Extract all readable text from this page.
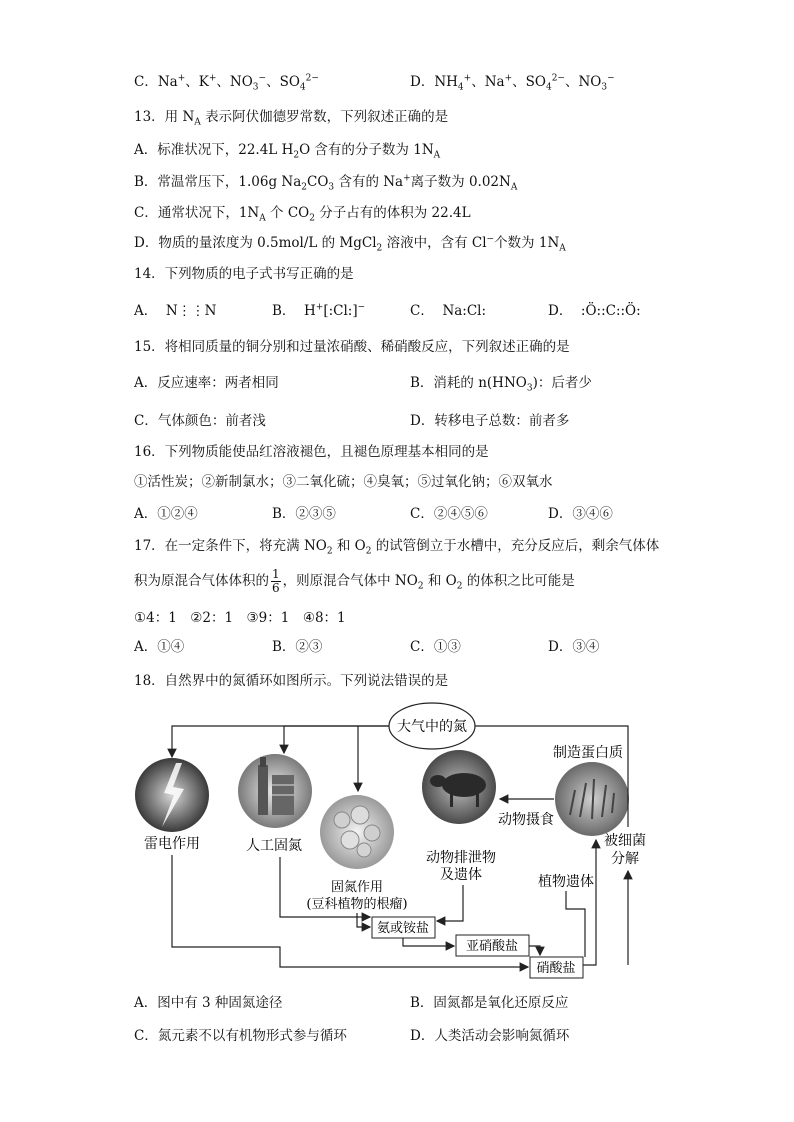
C．Na+、K+、$NO_3^-$、$SO_4^{2-}$	D．$NH_4^+$、Na+、$SO_4^{2-}$、$NO_3^-$
13．用 $N_A$ 表示阿伏伽德罗常数，下列叙述正确的是
A．标准状况下，22.4L $H_2O$ 含有的分子数为 $1N_A$
B．常温常压下，1.06g $Na_2CO_3$ 含有的 Na+离子数为 $0.02N_A$
C．通常状况下，$1N_A$ 个 $CO_2$ 分子占有的体积为 22.4L
D．物质的量浓度为 0.5mol/L 的 MgCl$_2$ 溶液中，含有 Cl−个数为 $1N_A$
14．下列物质的电子式书写正确的是
A． N⋮⋮N	B． H+[:Cl:]−	C． Na:Cl:	D． :Ö::C::Ö:
15．将相同质量的铜分别和过量浓硝酸、稀硝酸反应，下列叙述正确的是
A．反应速率：两者相同	B．消耗的 $n(HNO_3)$：后者少
C．气体颜色：前者浅	D．转移电子总数：前者多
16．下列物质能使品红溶液褪色，且褪色原理基本相同的是
①活性炭；②新制氯水；③二氧化硫；④臭氧；⑤过氧化钠；⑥双氧水
A．①②④	B．②③⑤	C．②④⑤⑥	D．③④⑥
17．在一定条件下，将充满 $NO_2$ 和 $O_2$ 的试管倒立于水槽中，充分反应后，剩余气体体
积为原混合气体体积的 $\frac{1}{6}$ ，则原混合气体中 $NO_2$ 和 $O_2$ 的体积之比可能是
①4：1　②2：1　③9：1　④8：1
A．①④	B．②③	C．①③	D．③④
18．自然界中的氮循环如图所示。下列说法错误的是
大气中的氮
雷电作用	人工固氮
固氮作用
(豆科植物的根瘤)
动物排泄物
及遗体
制造蛋白质
动物摄食
植物遗体
被细菌
分解
氨或铵盐
亚硝酸盐
硝酸盐
A．图中有 3 种固氮途径	B．固氮都是氧化还原反应
C．氮元素不以有机物形式参与循环	D．人类活动会影响氮循环
